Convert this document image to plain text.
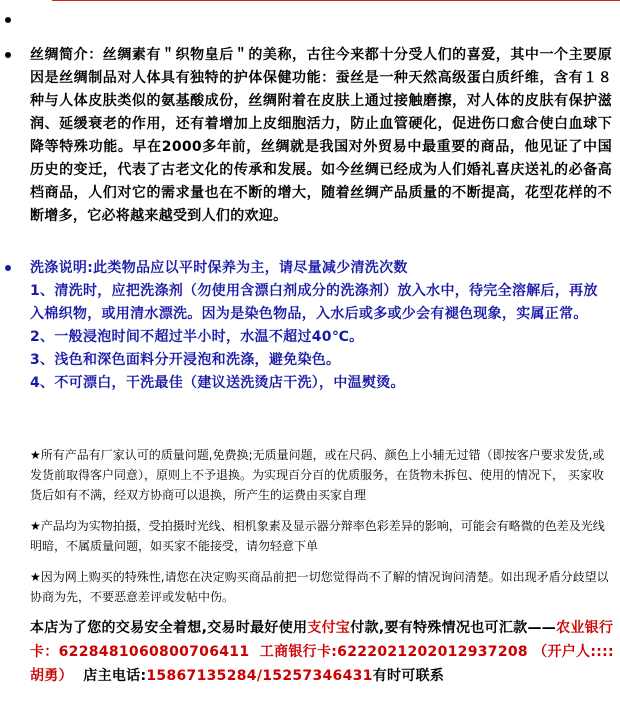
丝绸简介：丝绸素有＂织物皇后＂的美称，古往今来都十分受人们的喜爱，其中一个主要原因是丝绸制品对人体具有独特的护体保健功能：蚕丝是一种天然高级蛋白质纤维，含有１８种与人体皮肤类似的氨基酸成份，丝绸附着在皮肤上通过接触磨擦，对人体的皮肤有保护滋润、延缓衰老的作用，还有着增加上皮细胞活力，防止血管硬化，促进伤口愈合使白血球下降等特殊功能。早在2000多年前，丝绸就是我国对外贸易中最重要的商品，他见证了中国历史的变迁，代表了古老文化的传承和发展。如今丝绸已经成为人们婚礼喜庆送礼的必备高档商品，人们对它的需求量也在不断的增大，随着丝绸产品质量的不断提高，花型花样的不断增多，它必将越来越受到人们的欢迎。
洗涤说明:此类物品应以平时保养为主，请尽量减少清洗次数
1、清洗时，应把洗涤剂（勿使用含漂白剂成分的洗涤剂）放入水中，待完全溶解后，再放入棉织物，或用清水漂洗。因为是染色物品，入水后或多或少会有褪色现象，实属正常。
2、一般浸泡时间不超过半小时，水温不超过40℃。
3、浅色和深色面料分开浸泡和洗涤，避免染色。
4、不可漂白，干洗最佳（建议送洗烫店干洗），中温熨烫。
★所有产品有厂家认可的质量问题,免费换;无质量问题，或在尺码、颜色上小辅无过错（即按客户要求发货,或发货前取得客户同意），原则上不予退换。为实现百分百的优质服务，在货物未拆包、使用的情况下， 买家收货后如有不满，经双方协商可以退换，所产生的运费由买家自理
★产品均为实物拍摄，受拍摄时光线、相机象素及显示器分辩率色彩差异的影响，可能会有略微的色差及光线明暗，不属质量问题，如买家不能接受，请勿轻意下单
★因为网上购买的特殊性,请您在决定购买商品前把一切您觉得尚不了解的情况询问清楚。如出现矛盾分歧望以协商为先，不要恶意差评或发帖中伤。
本店为了您的交易安全着想,交易时最好使用支付宝付款,要有特殊情况也可汇款——农业银行卡：6228481060800706411 工商银行卡:6222021202012937208 （开户人::::胡勇） 店主电话:15867135284/15257346431有时可联系
